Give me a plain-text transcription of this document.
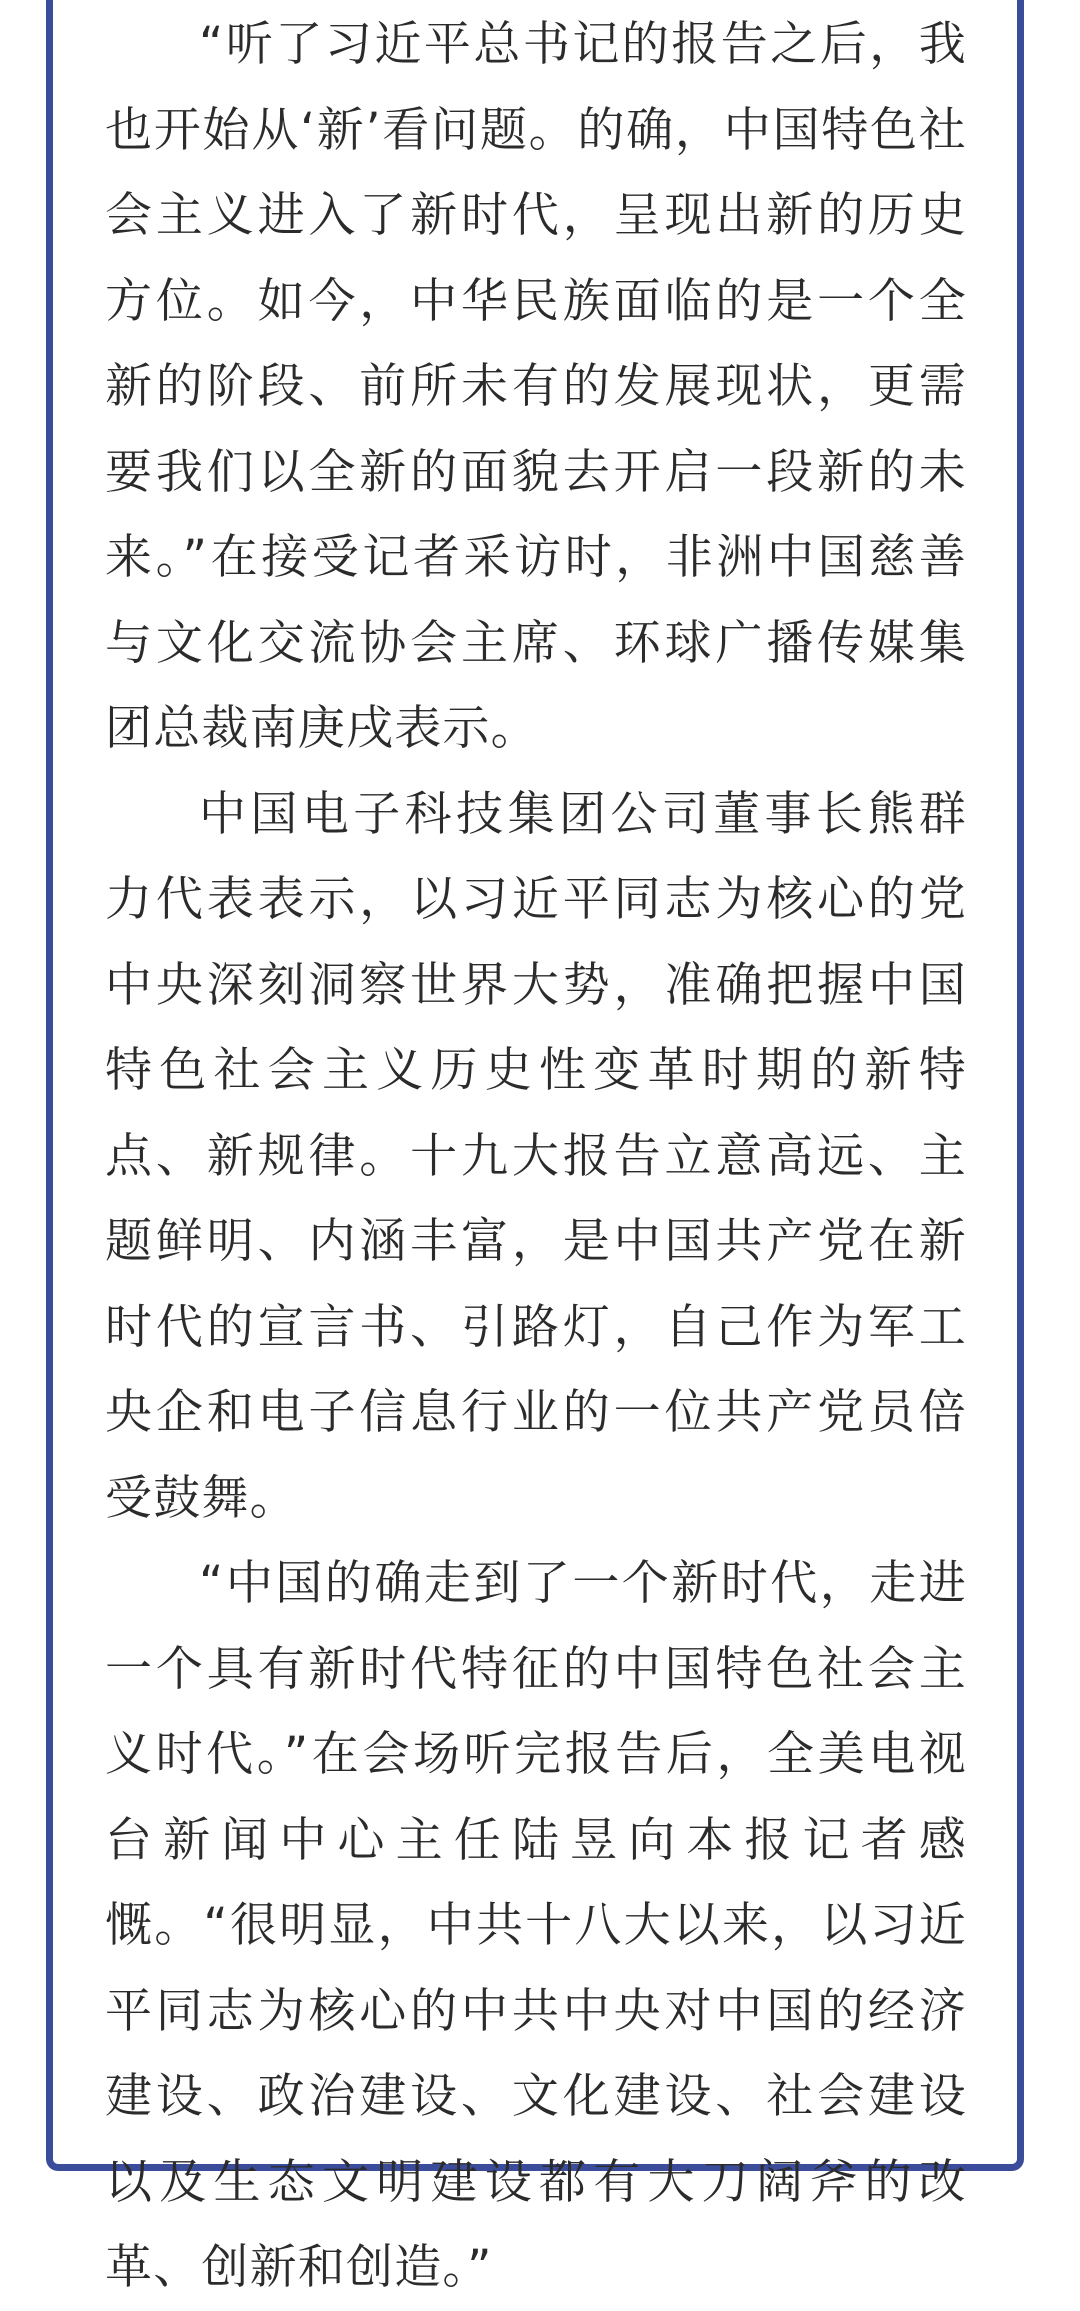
“听了习近平总书记的报告之后，我也开始从‘新’看问题。的确，中国特色社会主义进入了新时代，呈现出新的历史方位。如今，中华民族面临的是一个全新的阶段、前所未有的发展现状，更需要我们以全新的面貌去开启一段新的未来。”在接受记者采访时，非洲中国慈善与文化交流协会主席、环球广播传媒集团总裁南庚戌表示。

中国电子科技集团公司董事长熊群力代表表示，以习近平同志为核心的党中央深刻洞察世界大势，准确把握中国特色社会主义历史性变革时期的新特点、新规律。十九大报告立意高远、主题鲜明、内涵丰富，是中国共产党在新时代的宣言书、引路灯，自己作为军工央企和电子信息行业的一位共产党员倍受鼓舞。

“中国的确走到了一个新时代，走进一个具有新时代特征的中国特色社会主义时代。”在会场听完报告后，全美电视台新闻中心主任陆昱向本报记者感慨。“很明显，中共十八大以来，以习近平同志为核心的中共中央对中国的经济建设、政治建设、文化建设、社会建设以及生态文明建设都有大刀阔斧的改革、创新和创造。”
